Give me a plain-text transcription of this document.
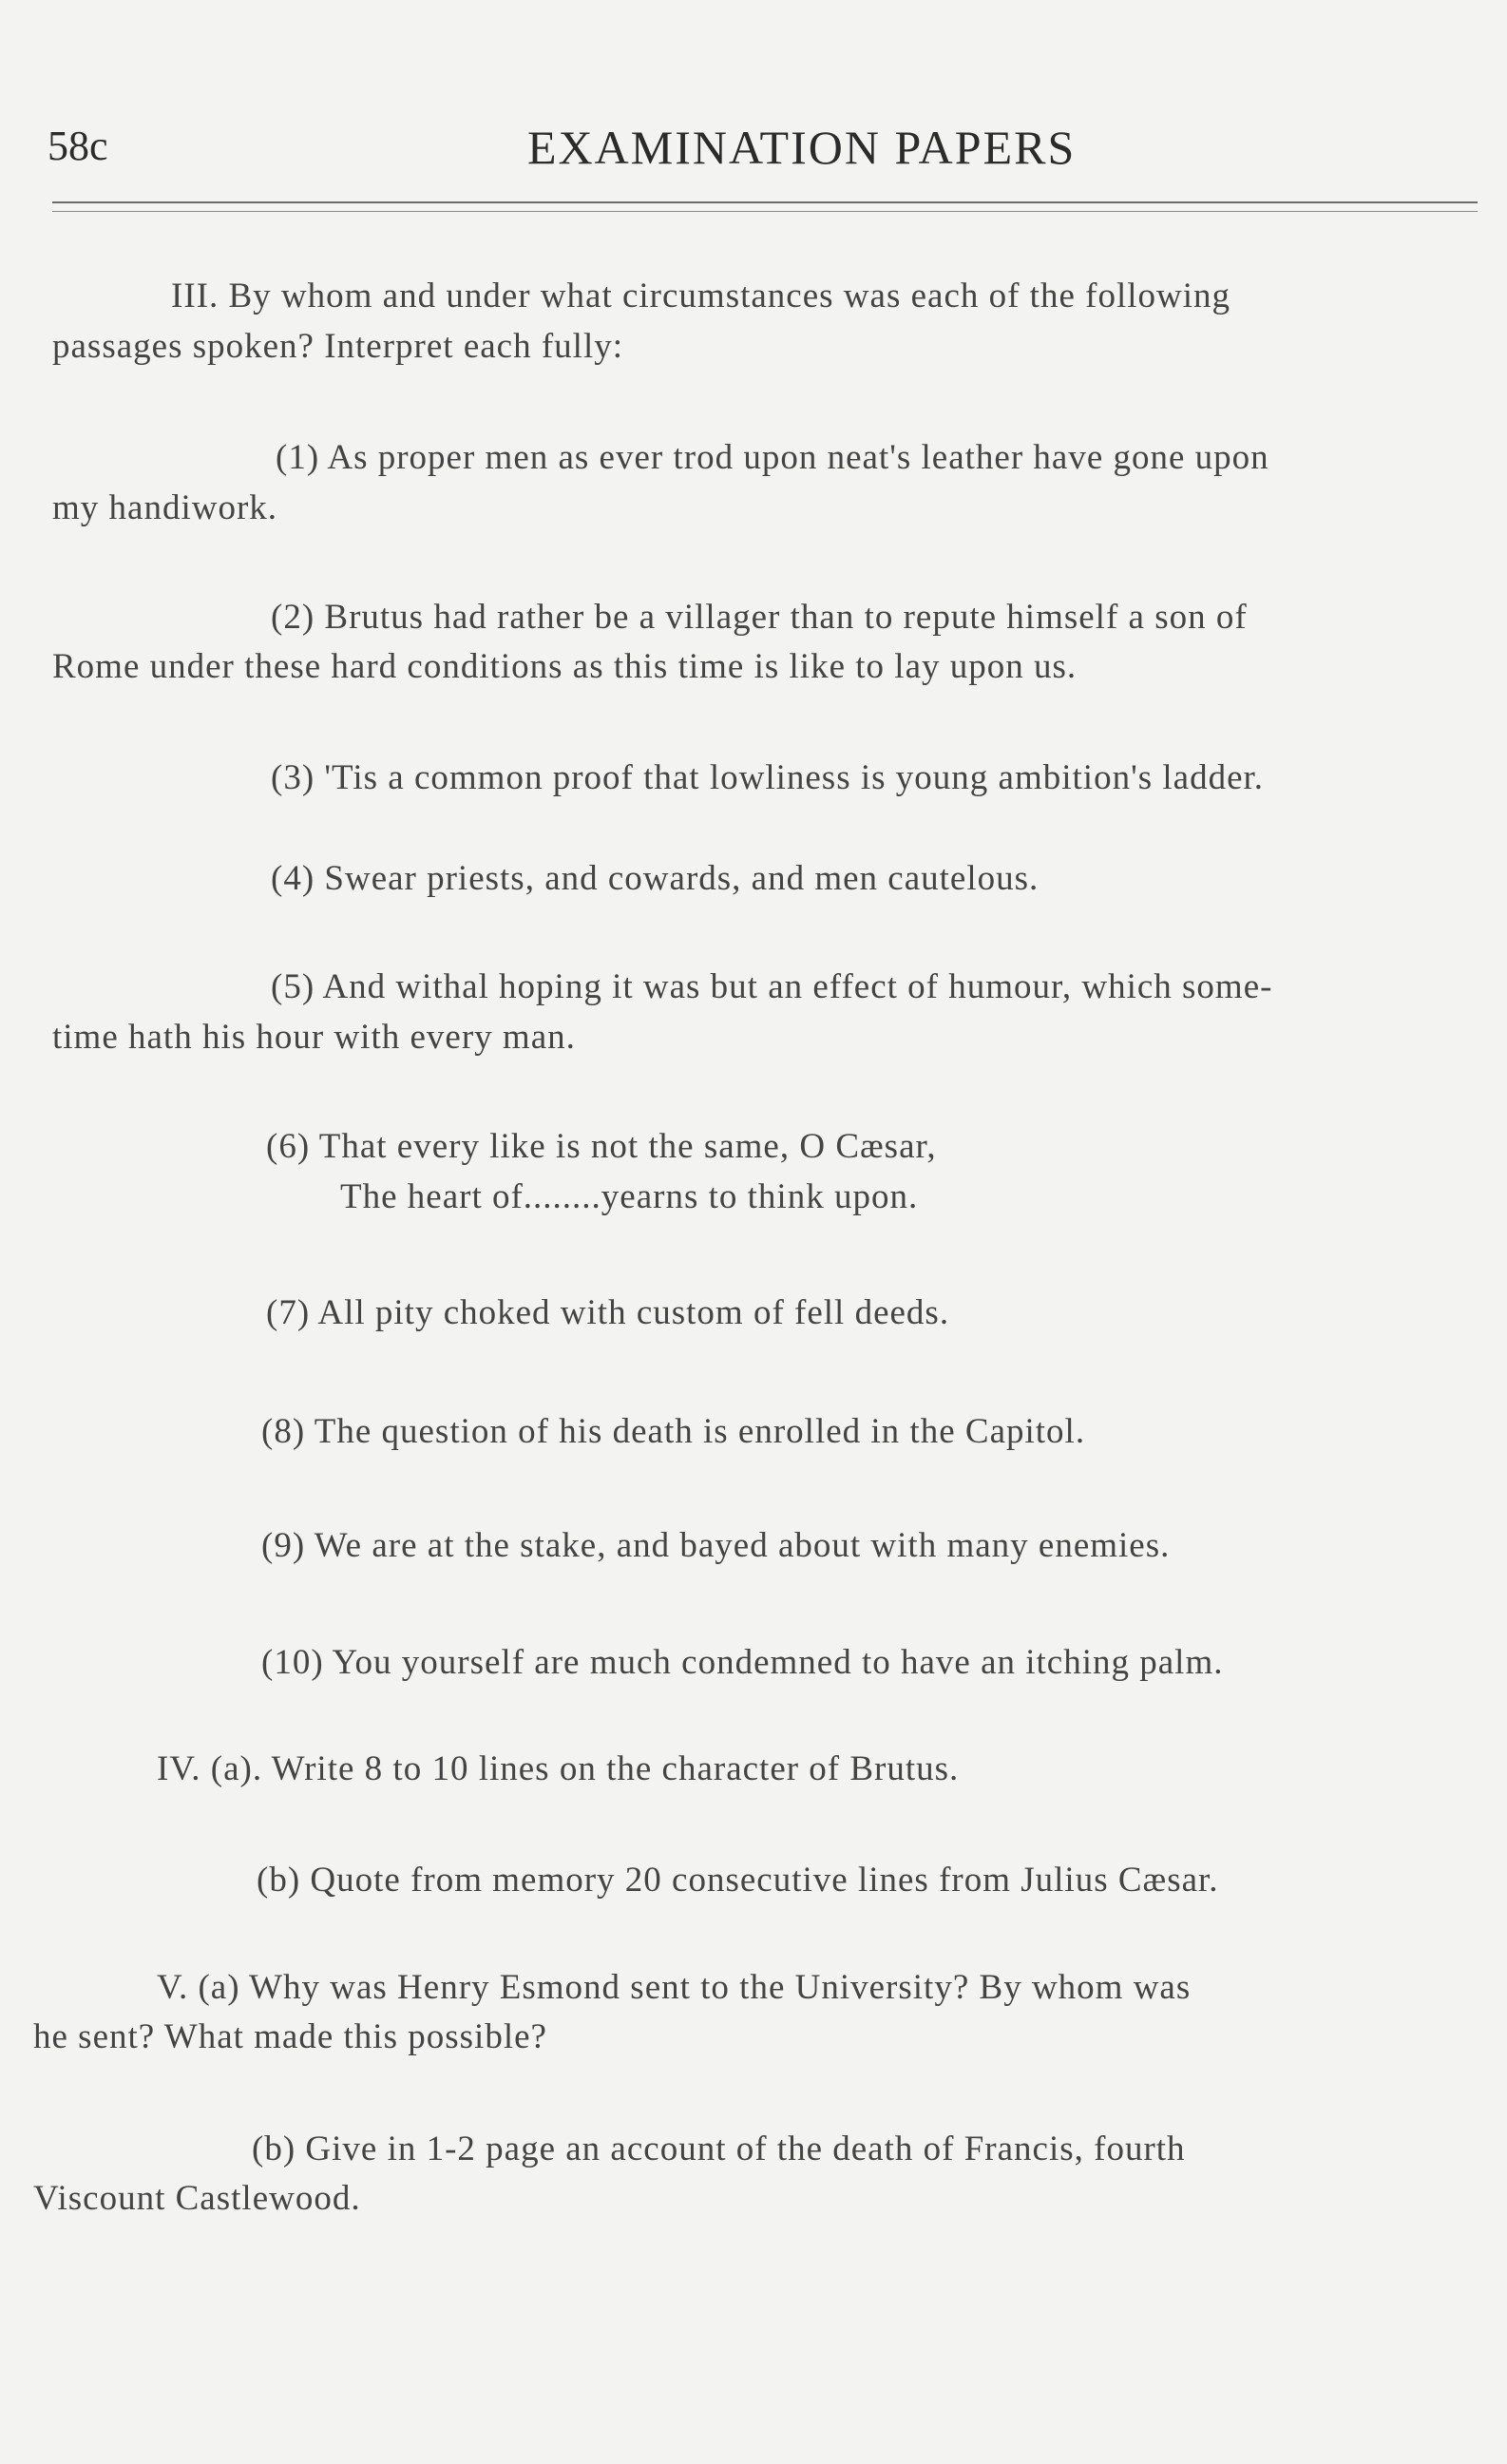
58c	EXAMINATION PAPERS
III. By whom and under what circumstances was each of the following
passages spoken? Interpret each fully:
(1) As proper men as ever trod upon neat's leather have gone upon
my handiwork.
(2) Brutus had rather be a villager than to repute himself a son of
Rome under these hard conditions as this time is like to lay upon us.
(3) 'Tis a common proof that lowliness is young ambition's ladder.
(4) Swear priests, and cowards, and men cautelous.
(5) And withal hoping it was but an effect of humour, which some-
time hath his hour with every man.
(6) That every like is not the same, O Cæsar,
The heart of........yearns to think upon.
(7) All pity choked with custom of fell deeds.
(8) The question of his death is enrolled in the Capitol.
(9) We are at the stake, and bayed about with many enemies.
(10) You yourself are much condemned to have an itching palm.
IV. (a). Write 8 to 10 lines on the character of Brutus.
(b) Quote from memory 20 consecutive lines from Julius Cæsar.
V. (a) Why was Henry Esmond sent to the University? By whom was
he sent? What made this possible?
(b) Give in 1-2 page an account of the death of Francis, fourth
Viscount Castlewood.
